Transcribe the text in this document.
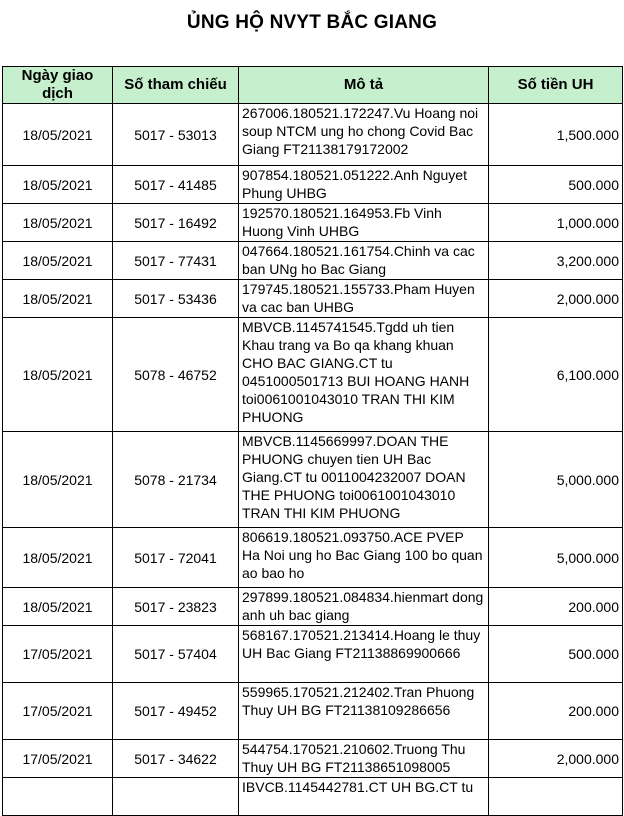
ỦNG HỘ NVYT BẮC GIANG
Ngày giao dịch	Số tham chiếu	Mô tả	Số tiền UH
18/05/2021	5017 - 53013	267006.180521.172247.Vu Hoang noi soup NTCM ung ho chong Covid Bac Giang FT21138179172002	1,500.000
18/05/2021	5017 - 41485	907854.180521.051222.Anh Nguyet Phung UHBG	500.000
18/05/2021	5017 - 16492	192570.180521.164953.Fb Vinh Huong Vinh UHBG	1,000.000
18/05/2021	5017 - 77431	047664.180521.161754.Chinh va cac ban UNg ho Bac Giang	3,200.000
18/05/2021	5017 - 53436	179745.180521.155733.Pham Huyen va cac ban UHBG	2,000.000
18/05/2021	5078 - 46752	MBVCB.1145741545.Tgdd uh tien Khau trang va Bo qa khang khuan CHO BAC GIANG.CT tu 0451000501713 BUI HOANG HANH toi0061001043010 TRAN THI KIM PHUONG	6,100.000
18/05/2021	5078 - 21734	MBVCB.1145669997.DOAN THE PHUONG chuyen tien UH Bac Giang.CT tu 0011004232007 DOAN THE PHUONG toi0061001043010 TRAN THI KIM PHUONG	5,000.000
18/05/2021	5017 - 72041	806619.180521.093750.ACE PVEP Ha Noi ung ho Bac Giang 100 bo quan ao bao ho	5,000.000
18/05/2021	5017 - 23823	297899.180521.084834.hienmart dong anh uh bac giang	200.000
17/05/2021	5017 - 57404	568167.170521.213414.Hoang le thuy UH Bac Giang FT21138869900666	500.000
17/05/2021	5017 - 49452	559965.170521.212402.Tran Phuong Thuy UH BG FT21138109286656	200.000
17/05/2021	5017 - 34622	544754.170521.210602.Truong Thu Thuy UH BG FT21138651098005	2,000.000
		IBVCB.1145442781.CT UH BG.CT tu	
